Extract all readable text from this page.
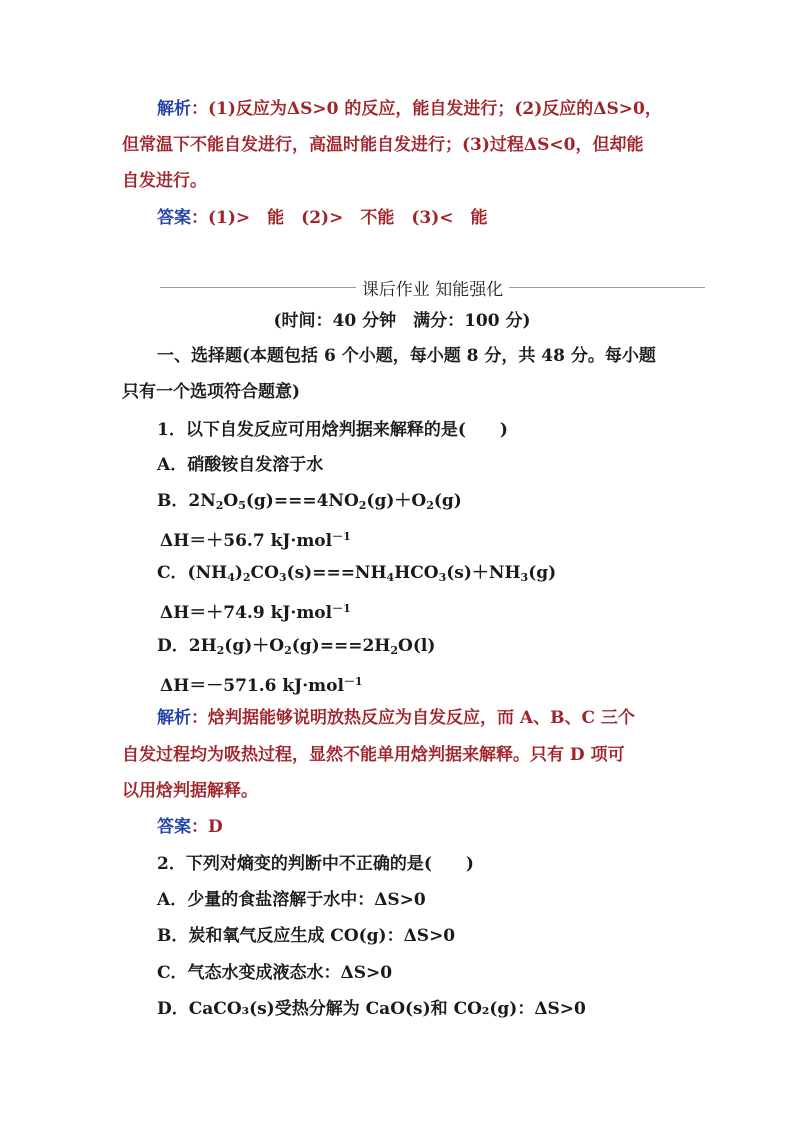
解析：(1)反应为ΔS>0 的反应，能自发进行；(2)反应的ΔS>0，
但常温下不能自发进行，高温时能自发进行；(3)过程ΔS<0，但却能
自发进行。
答案：(1)>　能　(2)>　不能　(3)<　能
课后作业 知能强化
(时间：40 分钟　满分：100 分)
一、选择题(本题包括 6 个小题，每小题 8 分，共 48 分。每小题
只有一个选项符合题意)
1．以下自发反应可用焓判据来解释的是(　　)
A．硝酸铵自发溶于水
B．$2N_2O_5(g)===4NO_2(g)+O_2(g)$
ΔH＝＋56.7 kJ·mol$^{-1}$
C．$(NH_4)_2CO_3(s)===NH_4HCO_3(s)+NH_3(g)$
ΔH＝＋74.9 kJ·mol$^{-1}$
D．$2H_2(g)+O_2(g)===2H_2O(l)$
ΔH＝－571.6 kJ·mol$^{-1}$
解析：焓判据能够说明放热反应为自发反应，而 A、B、C 三个
自发过程均为吸热过程，显然不能单用焓判据来解释。只有 D 项可
以用焓判据解释。
答案：D
2．下列对熵变的判断中不正确的是(　　)
A．少量的食盐溶解于水中：ΔS>0
B．炭和氧气反应生成 CO(g)：ΔS>0
C．气态水变成液态水：ΔS>0
D．CaCO₃(s)受热分解为 CaO(s)和 CO₂(g)：ΔS>0
